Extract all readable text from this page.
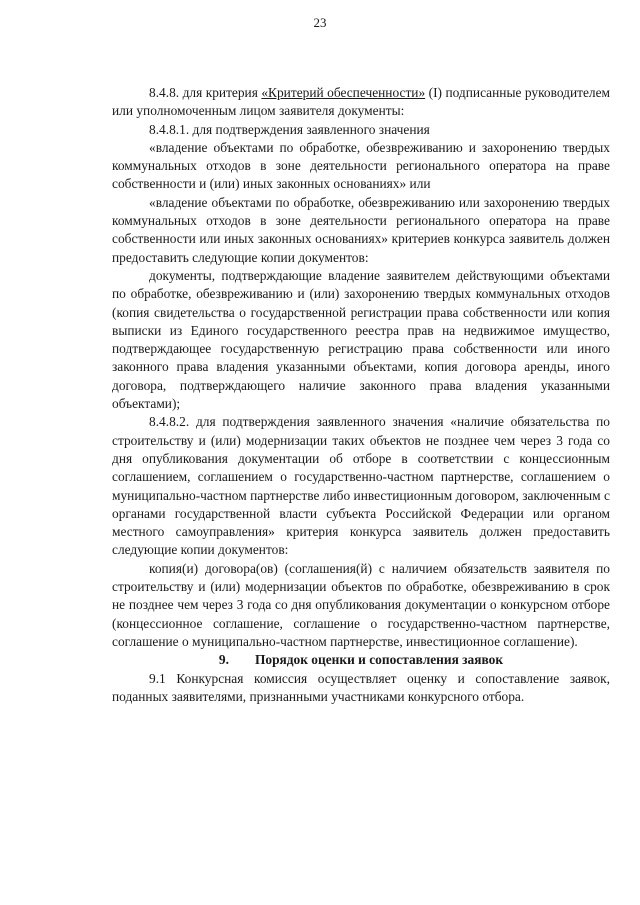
23

8.4.8. для критерия «Критерий обеспеченности» (I) подписанные руководителем или уполномоченным лицом заявителя документы:

8.4.8.1. для подтверждения заявленного значения

«владение объектами по обработке, обезвреживанию и захоронению твердых коммунальных отходов в зоне деятельности регионального оператора на праве собственности и (или) иных законных основаниях» или

«владение объектами по обработке, обезвреживанию или захоронению твердых коммунальных отходов в зоне деятельности регионального оператора на праве собственности или иных законных основаниях» критериев конкурса заявитель должен предоставить следующие копии документов:

документы, подтверждающие владение заявителем действующими объектами по обработке, обезвреживанию и (или) захоронению твердых коммунальных отходов (копия свидетельства о государственной регистрации права собственности или копия выписки из Единого государственного реестра прав на недвижимое имущество, подтверждающее государственную регистрацию права собственности или иного законного права владения указанными объектами, копия договора аренды, иного договора, подтверждающего наличие законного права владения указанными объектами);

8.4.8.2. для подтверждения заявленного значения «наличие обязательства по строительству и (или) модернизации таких объектов не позднее чем через 3 года со дня опубликования документации об отборе в соответствии с концессионным соглашением, соглашением о государственно-частном партнерстве, соглашением о муниципально-частном партнерстве либо инвестиционным договором, заключенным с органами государственной власти субъекта Российской Федерации или органом местного самоуправления» критерия конкурса заявитель должен предоставить следующие копии документов:

копия(и) договора(ов) (соглашения(й) с наличием обязательств заявителя по строительству и (или) модернизации объектов по обработке, обезвреживанию в срок не позднее чем через 3 года со дня опубликования документации о конкурсном отборе (концессионное соглашение, соглашение о государственно-частном партнерстве, соглашение о муниципально-частном партнерстве, инвестиционное соглашение).

9. Порядок оценки и сопоставления заявок

9.1 Конкурсная комиссия осуществляет оценку и сопоставление заявок, поданных заявителями, признанными участниками конкурсного отбора.
